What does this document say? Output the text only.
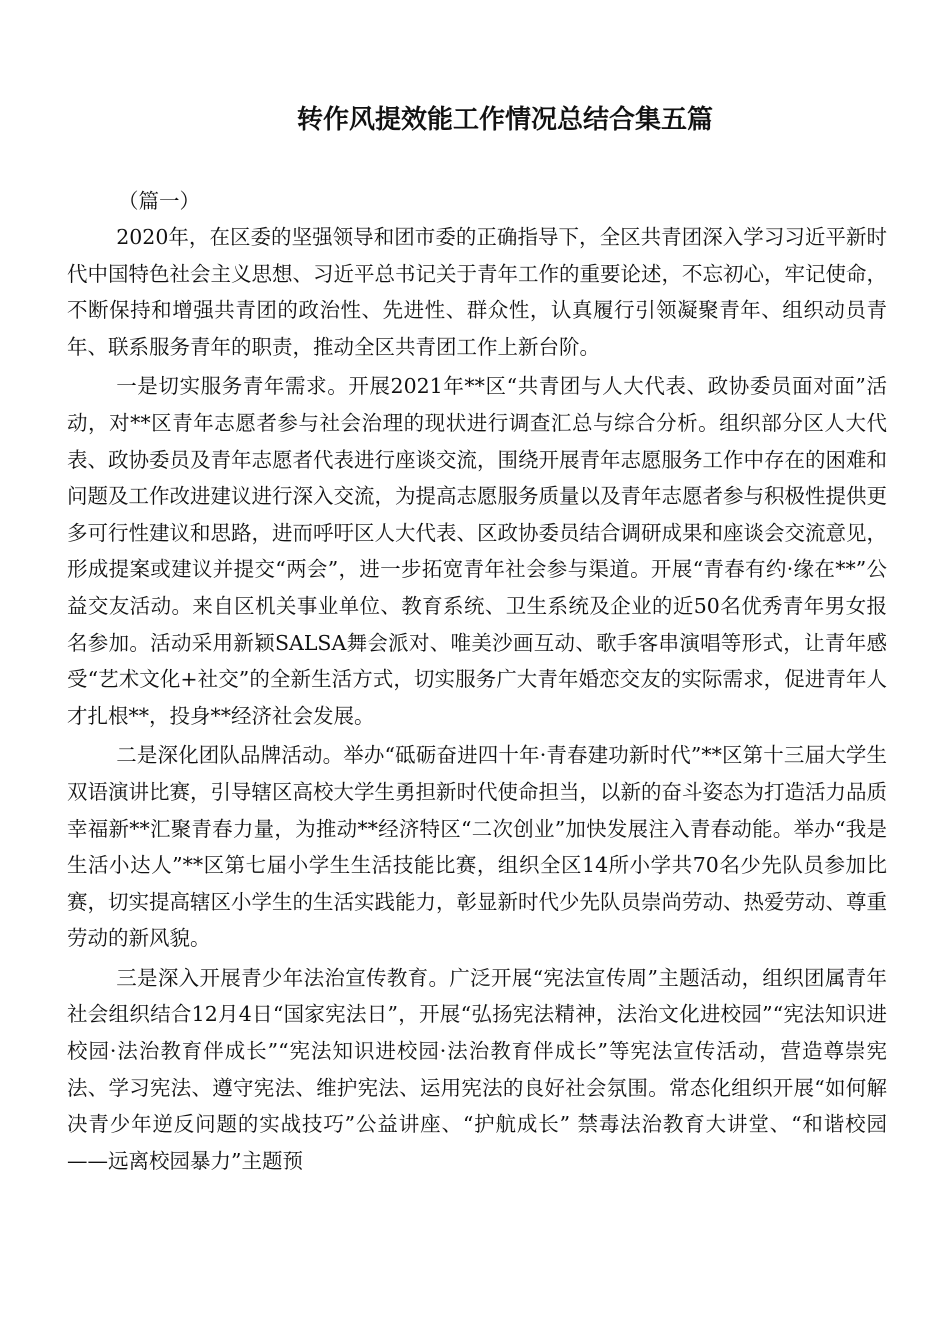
转作风提效能工作情况总结合集五篇

（篇一）

2020年，在区委的坚强领导和团市委的正确指导下，全区共青团深入学习习近平新时代中国特色社会主义思想、习近平总书记关于青年工作的重要论述，不忘初心，牢记使命，不断保持和增强共青团的政治性、先进性、群众性，认真履行引领凝聚青年、组织动员青年、联系服务青年的职责，推动全区共青团工作上新台阶。

一是切实服务青年需求。开展2021年**区“共青团与人大代表、政协委员面对面”活动，对**区青年志愿者参与社会治理的现状进行调查汇总与综合分析。组织部分区人大代表、政协委员及青年志愿者代表进行座谈交流，围绕开展青年志愿服务工作中存在的困难和问题及工作改进建议进行深入交流，为提高志愿服务质量以及青年志愿者参与积极性提供更多可行性建议和思路，进而呼吁区人大代表、区政协委员结合调研成果和座谈会交流意见，形成提案或建议并提交“两会”，进一步拓宽青年社会参与渠道。开展“青春有约·缘在**”公益交友活动。来自区机关事业单位、教育系统、卫生系统及企业的近50名优秀青年男女报名参加。活动采用新颖SALSA舞会派对、唯美沙画互动、歌手客串演唱等形式，让青年感受“艺术文化+社交”的全新生活方式，切实服务广大青年婚恋交友的实际需求，促进青年人才扎根**，投身**经济社会发展。

二是深化团队品牌活动。举办“砥砺奋进四十年·青春建功新时代”**区第十三届大学生双语演讲比赛，引导辖区高校大学生勇担新时代使命担当，以新的奋斗姿态为打造活力品质幸福新**汇聚青春力量，为推动**经济特区“二次创业”加快发展注入青春动能。举办“我是生活小达人”**区第七届小学生生活技能比赛，组织全区14所小学共70名少先队员参加比赛，切实提高辖区小学生的生活实践能力，彰显新时代少先队员崇尚劳动、热爱劳动、尊重劳动的新风貌。

三是深入开展青少年法治宣传教育。广泛开展“宪法宣传周”主题活动，组织团属青年社会组织结合12月4日“国家宪法日”，开展“弘扬宪法精神，法治文化进校园”“宪法知识进校园·法治教育伴成长”“宪法知识进校园·法治教育伴成长”等宪法宣传活动，营造尊崇宪法、学习宪法、遵守宪法、维护宪法、运用宪法的良好社会氛围。常态化组织开展“如何解决青少年逆反问题的实战技巧”公益讲座、“护航成长” 禁毒法治教育大讲堂、“和谐校园——远离校园暴力”主题预
